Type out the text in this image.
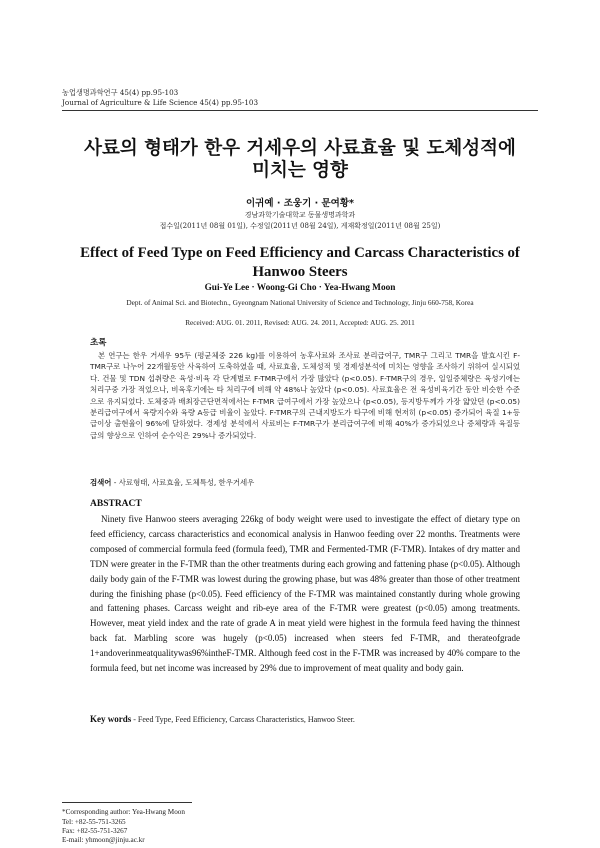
농업생명과학연구 45(4) pp.95-103
Journal of Agriculture & Life Science 45(4) pp.95-103
사료의 형태가 한우 거세우의 사료효율 및 도체성적에
미치는 영향
이귀예 · 조웅기 · 문여황*
경남과학기술대학교 동물생명과학과
접수일(2011년 08월 01일), 수정일(2011년 08월 24일), 게재확정일(2011년 08월 25일)
Effect of Feed Type on Feed Efficiency and Carcass Characteristics of
Hanwoo Steers
Gui-Ye Lee · Woong-Gi Cho · Yea-Hwang Moon
Dept. of Animal Sci. and Biotechn., Gyeongnam National University of Science and Technology, Jinju 660-758, Korea
Received: AUG. 01. 2011, Revised: AUG. 24. 2011, Accepted: AUG. 25. 2011
초록
본 연구는 한우 거세우 95두 (평균체중 226 kg)를 이용하여 농후사료와 조사료 분리급여구, TMR구 그리고 TMR을 발효시킨 F-TMR구로 나누어 22개월동안 사육하여 도축하였을 때, 사료효율, 도체성적 및 경제성분석에 미치는 영향을 조사하기 위하여 실시되었다. 건물 및 TDN 섭취량은 육성·비육 각 단계별로 F-TMR구에서 가장 많았다 (p<0.05). F-TMR구의 경우, 일일증체량은 육성기에는 처리구중 가장 적었으나, 비육후기에는 타 처리구에 비해 약 48%나 높았다 (p<0.05). 사료효율은 전 육성비육기간 동안 비슷한 수준으로 유지되었다. 도체중과 배최장근단면적에서는 F-TMR 급여구에서 가장 높았으나 (p<0.05), 등지방두께가 가장 얇았던 (p<0.05) 분리급여구에서 육량지수와 육량 A등급 비율이 높았다. F-TMR구의 근내지방도가 타구에 비해 현저히 (p<0.05) 증가되어 육질 1+등급이상 출현율이 96%에 달하였다. 경제성 분석에서 사료비는 F-TMR구가 분리급여구에 비해 40%가 증가되었으나 증체량과 육질등급의 향상으로 인하여 순수익은 29%나 증가되었다.
검색어 - 사료형태, 사료효율, 도체특성, 한우거세우
ABSTRACT
Ninety five Hanwoo steers averaging 226kg of body weight were used to investigate the effect of dietary type on feed efficiency, carcass characteristics and economical analysis in Hanwoo feeding over 22 months. Treatments were composed of commercial formula feed (formula feed), TMR and Fermented-TMR (F-TMR). Intakes of dry matter and TDN were greater in the F-TMR than the other treatments during each growing and fattening phase (p<0.05). Although daily body gain of the F-TMR was lowest during the growing phase, but was 48% greater than those of other treatment during the finishing phase (p<0.05). Feed efficiency of the F-TMR was maintained constantly during whole growing and fattening phases. Carcass weight and rib-eye area of the F-TMR were greatest (p<0.05) among treatments. However, meat yield index and the rate of grade A in meat yield were highest in the formula feed having the thinnest back fat. Marbling score was hugely (p<0.05) increased when steers fed F-TMR, and therateofgrade 1+andoverinmeatqualitywas96%intheF-TMR. Although feed cost in the F-TMR was increased by 40% compare to the formula feed, but net income was increased by 29% due to improvement of meat quality and body gain.
Key words - Feed Type, Feed Efficiency, Carcass Characteristics, Hanwoo Steer.
*Corresponding author: Yea-Hwang Moon
Tel: +82-55-751-3265
Fax: +82-55-751-3267
E-mail: yhmoon@jinju.ac.kr
